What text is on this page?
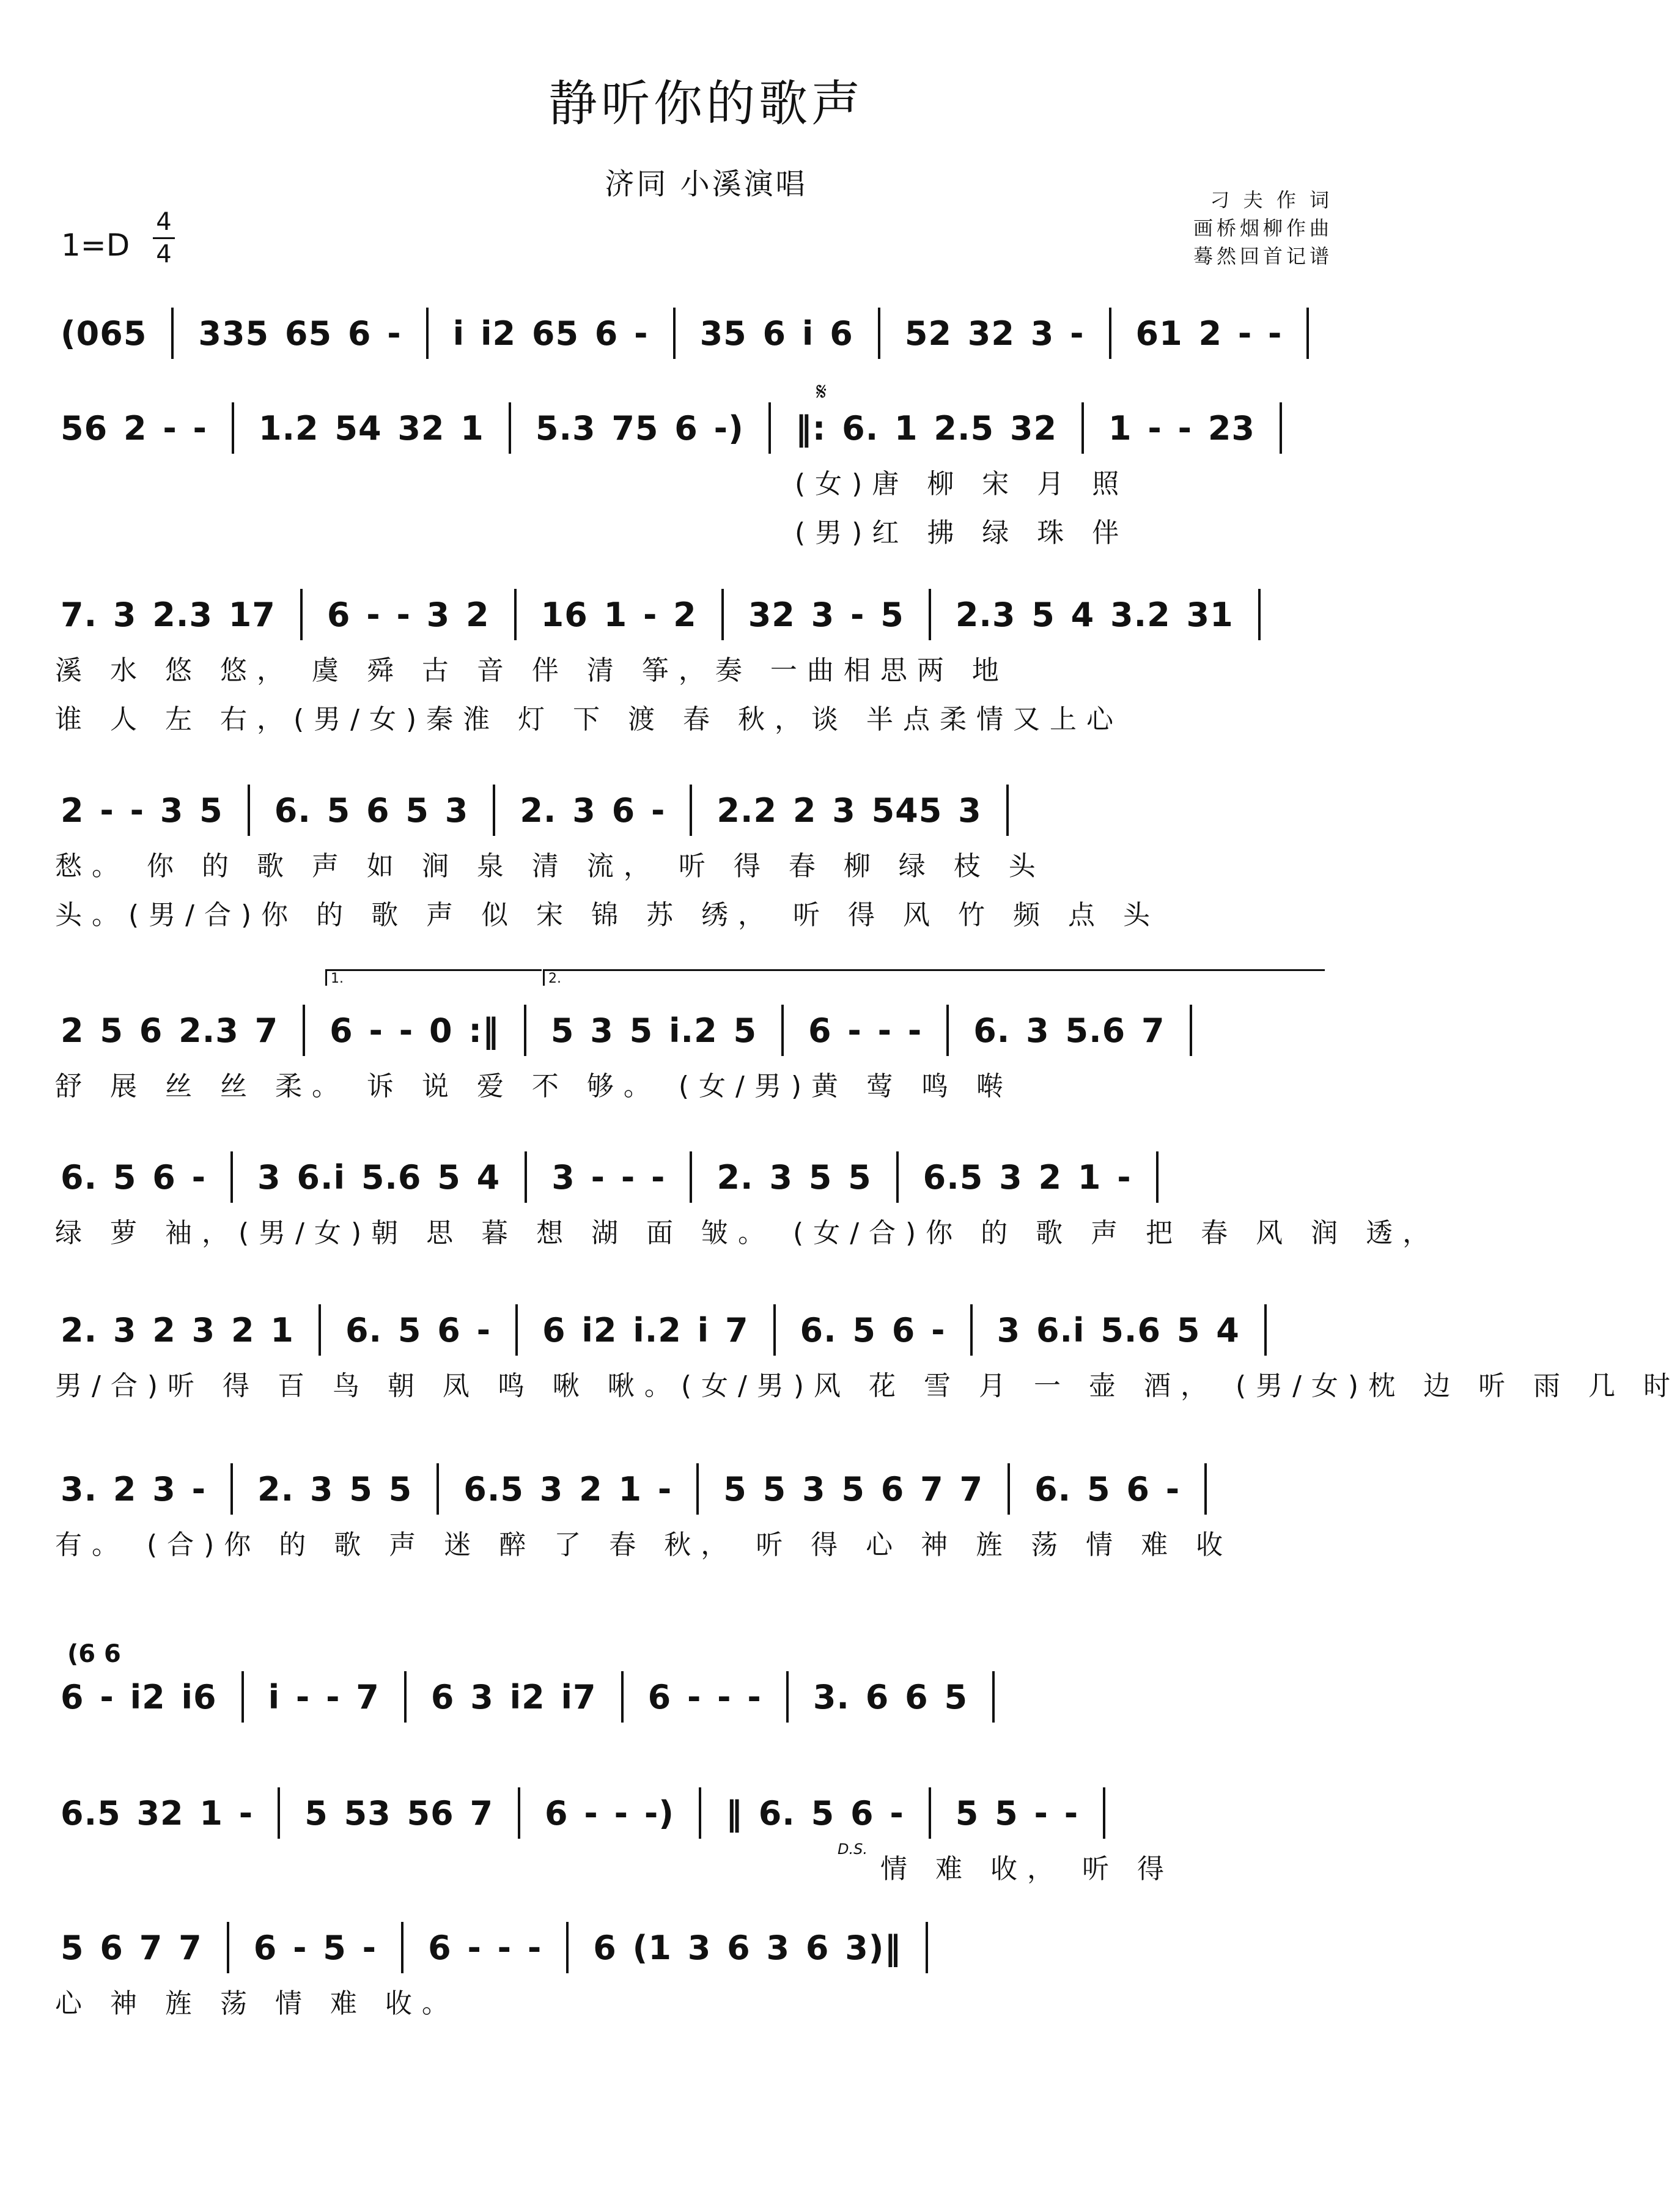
静听你的歌声
济同 小溪演唱	刁 夫 作 词
画桥烟柳作曲
蓦然回首记谱
1=D
4
4
(065 335 65 6 - i i2 65 6 - 35 6 i 6 52 32 3 - 61 2 - -
56 2 - - 1.2 54 32 1 5.3 75 6 -) ‖: 6. 1 2.5 32 1 - - 23
(女)唐 柳 宋 月 照
(男)红 拂 绿 珠 伴
7. 3 2.3 17 6 - - 3 2 16 1 - 2 32 3 - 5 2.3 5 4 3.2 31
溪 水 悠 悠， 虞 舜 古 音 伴 清 筝，奏 一曲相思两 地
谁 人 左 右，(男/女)秦淮 灯 下 渡 春 秋，谈 半点柔情又上心
2 - - 3 5 6. 5 6 5 3 2. 3 6 - 2.2 2 3 545 3
愁。 你 的 歌 声 如 涧 泉 清 流， 听 得 春 柳 绿 枝 头
头。(男/合)你 的 歌 声 似 宋 锦 苏 绣， 听 得 风 竹 频 点 头
2 5 6 2.3 7 6 - - 0 :‖ 5 3 5 i.2 5 6 - - - 6. 3 5.6 7
舒 展 丝 丝 柔。 诉 说 爱 不 够。 (女/男)黄 莺 鸣 啭
6. 5 6 - 3 6.i 5.6 5 4 3 - - - 2. 3 5 5 6.5 3 2 1 -
绿 萝 袖，(男/女)朝 思 暮 想 湖 面 皱。 (女/合)你 的 歌 声 把 春 风 润 透，
2. 3 2 3 2 1 6. 5 6 - 6 i2 i.2 i 7 6. 5 6 - 3 6.i 5.6 5 4
男/合)听 得 百 鸟 朝 凤 鸣 啾 啾。(女/男)风 花 雪 月 一 壶 酒， (男/女)枕 边 听 雨 几 时
3. 2 3 - 2. 3 5 5 6.5 3 2 1 - 5 5 3 5 6 7 7 6. 5 6 -
有。 (合)你 的 歌 声 迷 醉 了 春 秋， 听 得 心 神 旌 荡 情 难 收
6 - i2 i6 i - - 7 6 3 i2 i7 6 - - - 3. 6 6 5
(6 6
6.5 32 1 - 5 53 56 7 6 - - -) ‖ 6. 5 6 - 5 5 - -
情 难 收， 听 得
5 6 7 7 6 - 5 - 6 - - - 6 (1 3 6 3 6 3)‖
心 神 旌 荡 情 难 收。
𝄋
D.S.
1.	2.
